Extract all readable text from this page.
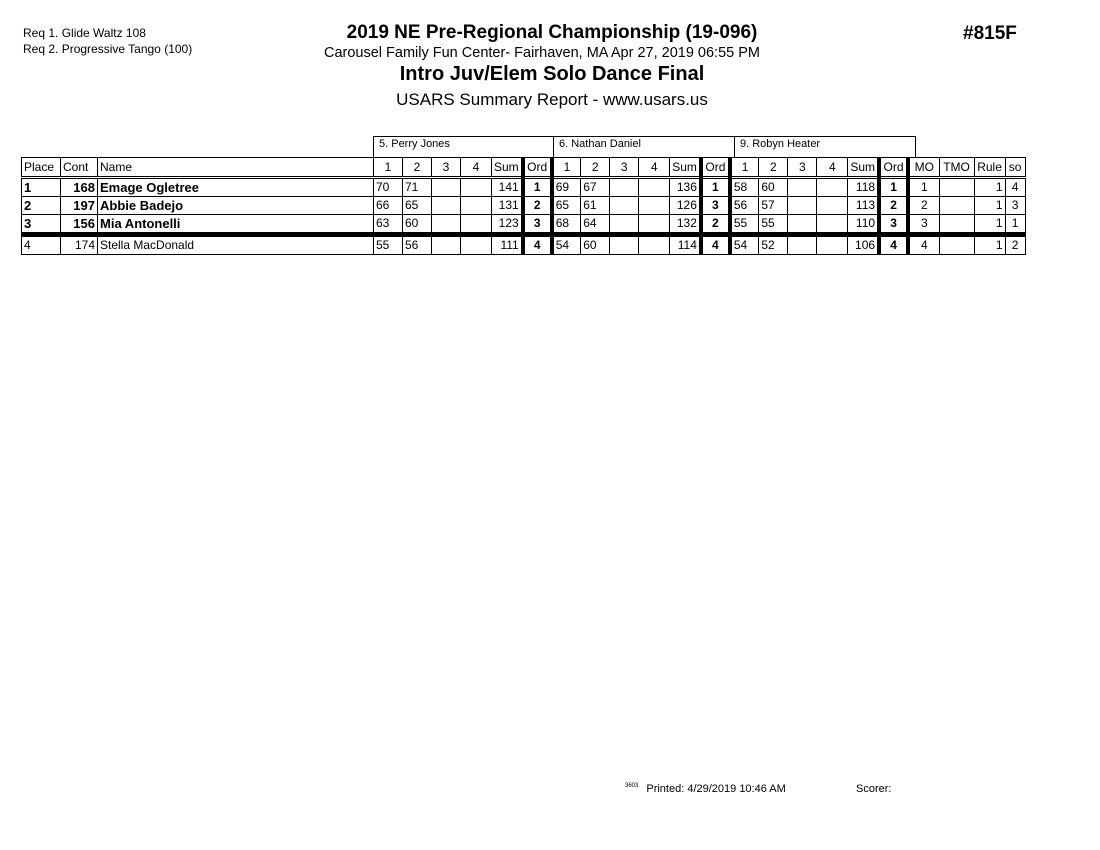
Req 1. Glide Waltz 108
Req 2. Progressive Tango (100)
2019 NE Pre-Regional Championship (19-096)
Carousel Family Fun Center- Fairhaven, MA Apr 27, 2019 06:55 PM
Intro Juv/Elem Solo Dance Final
USARS Summary Report - www.usars.us
#815F
5. Perry Jones	6. Nathan Daniel	9. Robyn Heater
Place	Cont	Name	1	2	3	4	Sum	Ord	1	2	3	4	Sum	Ord	1	2	3	4	Sum	Ord	MO	TMO	Rule	so
1	168	Emage Ogletree	70	71			141	1	69	67			136	1	58	60			118	1	1		1	4
2	197	Abbie Badejo	66	65			131	2	65	61			126	3	56	57			113	2	2		1	3
3	156	Mia Antonelli	63	60			123	3	68	64			132	2	55	55			110	3	3		1	1
4	174	Stella MacDonald	55	56			111	4	54	60			114	4	54	52			106	4	4		1	2
$^{3603}$ Printed: 4/29/2019 10:46 AM	Scorer:
